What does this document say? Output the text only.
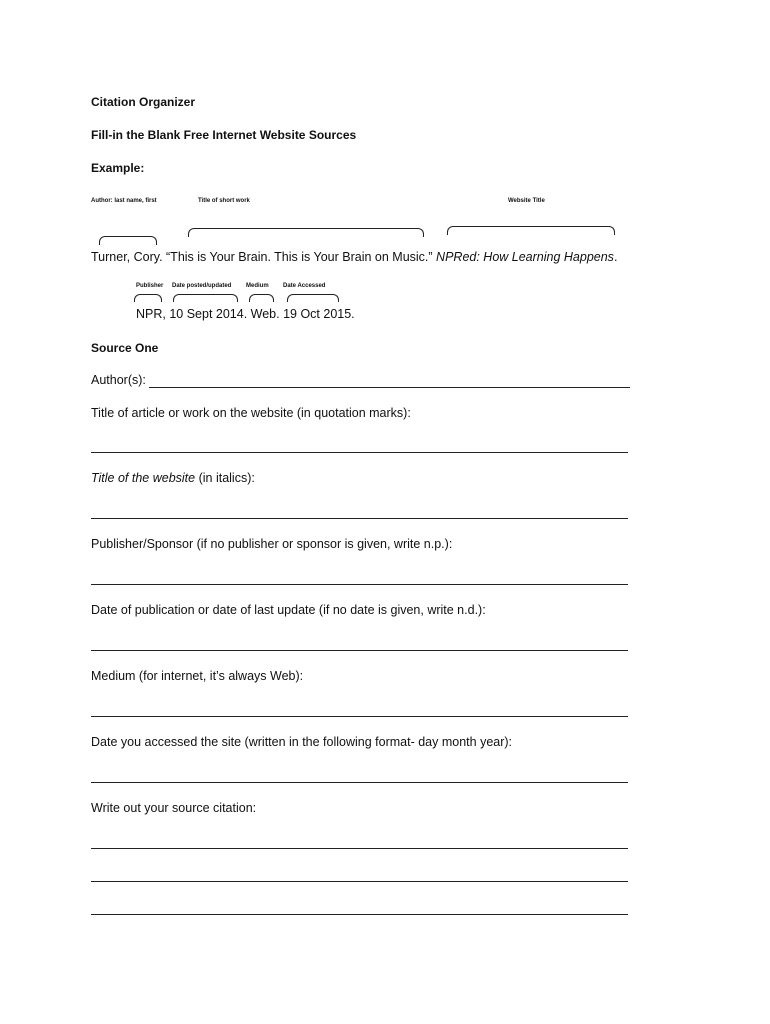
Citation Organizer
Fill-in the Blank Free Internet Website Sources
Example:
Author: last name, first	Title of short work	Website Title
Turner, Cory. “This is Your Brain. This is Your Brain on Music.” NPRed: How Learning Happens.
Publisher Date posted/updated Medium Date Accessed
NPR, 10 Sept 2014. Web. 19 Oct 2015.
Source One
Author(s):
Title of article or work on the website (in quotation marks):
Title of the website (in italics):
Publisher/Sponsor (if no publisher or sponsor is given, write n.p.):
Date of publication or date of last update (if no date is given, write n.d.):
Medium (for internet, it’s always Web):
Date you accessed the site (written in the following format- day month year):
Write out your source citation:
